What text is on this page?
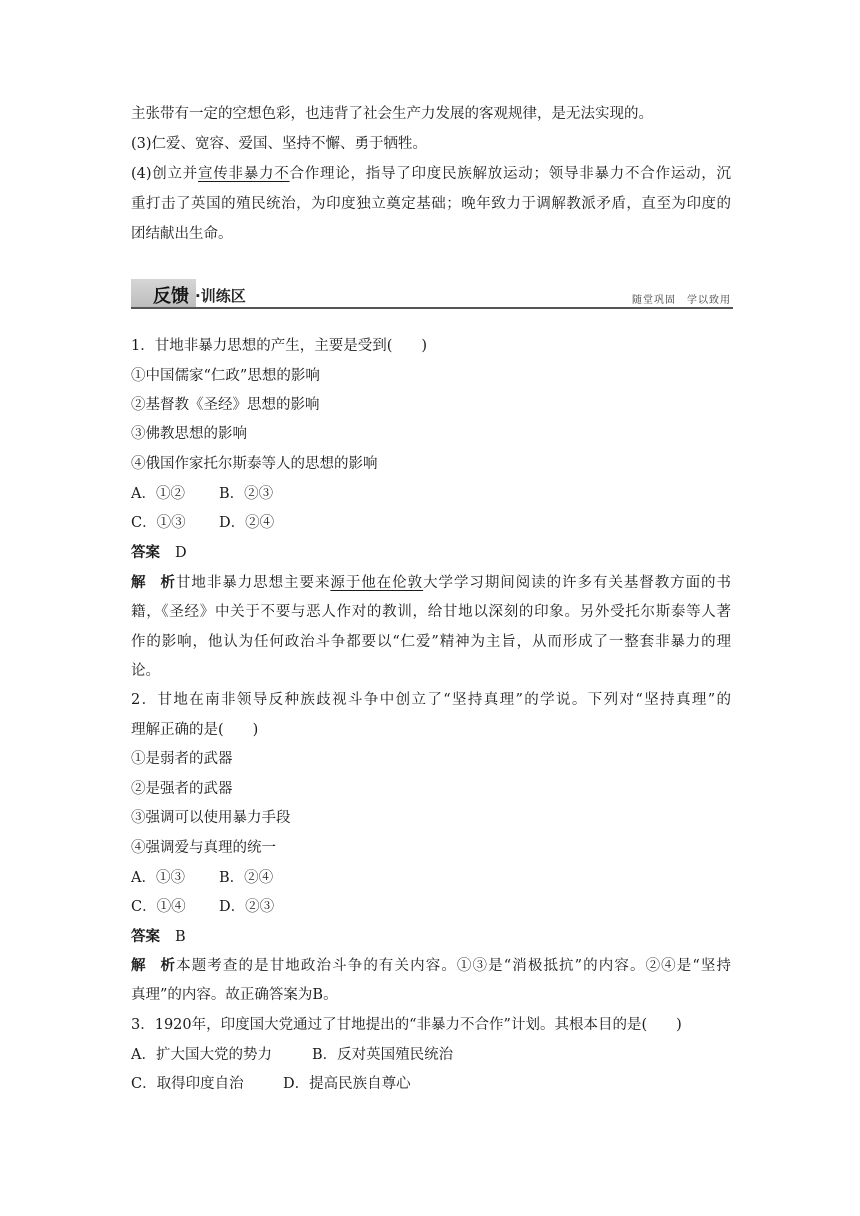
主张带有一定的空想色彩，也违背了社会生产力发展的客观规律，是无法实现的。
(3)仁爱、宽容、爱国、坚持不懈、勇于牺牲。
(4)创立并宣传非暴力不合作理论，指导了印度民族解放运动；领导非暴力不合作运动，沉
重打击了英国的殖民统治，为印度独立奠定基础；晚年致力于调解教派矛盾，直至为印度的
团结献出生命。
反馈 ·训练区	随堂巩固　学以致用
1．甘地非暴力思想的产生，主要是受到(　　)
①中国儒家“仁政”思想的影响
②基督教《圣经》思想的影响
③佛教思想的影响
④俄国作家托尔斯泰等人的思想的影响
A．①② B．②③
C．①③ D．②④
答案 D
解析甘地非暴力思想主要来源于他在伦敦大学学习期间阅读的许多有关基督教方面的书
籍，《圣经》中关于不要与恶人作对的教训，给甘地以深刻的印象。另外受托尔斯泰等人著
作的影响，他认为任何政治斗争都要以“仁爱”精神为主旨，从而形成了一整套非暴力的理
论。
2．甘地在南非领导反种族歧视斗争中创立了“坚持真理”的学说。下列对“坚持真理”的
理解正确的是(　　)
①是弱者的武器
②是强者的武器
③强调可以使用暴力手段
④强调爱与真理的统一
A．①③ B．②④
C．①④ D．②③
答案 B
解析本题考查的是甘地政治斗争的有关内容。①③是“消极抵抗”的内容。②④是“坚持
真理”的内容。故正确答案为B。
3．1920年，印度国大党通过了甘地提出的“非暴力不合作”计划。其根本目的是(　　)
A．扩大国大党的势力	B．反对英国殖民统治
C．取得印度自治	D．提高民族自尊心
